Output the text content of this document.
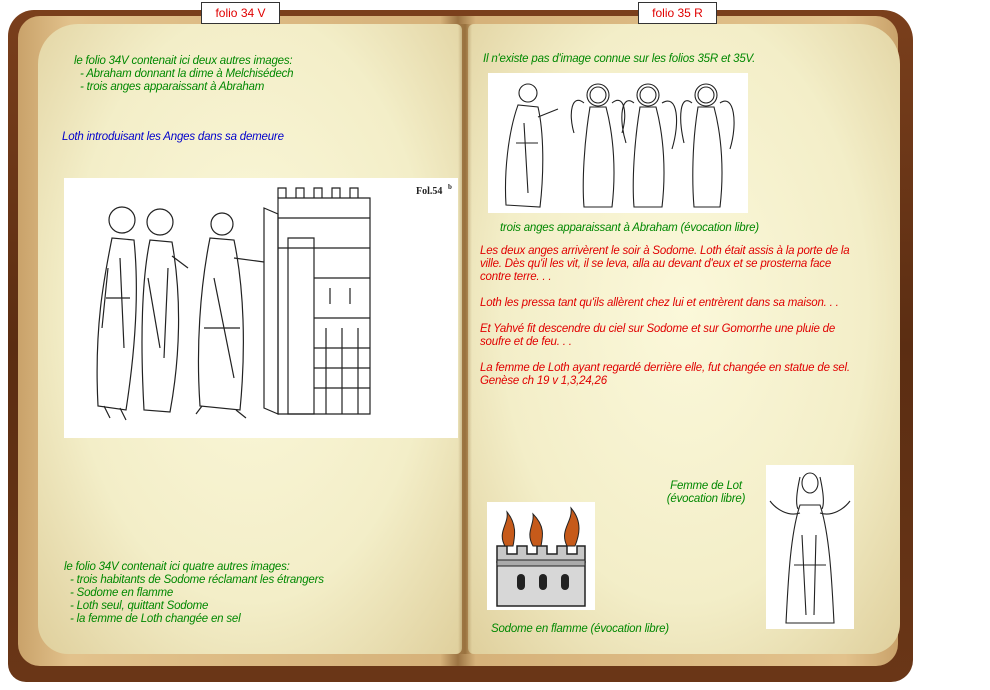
folio 34 V	folio 35 R
le folio 34V contenait ici deux autres images:
- Abraham donnant la dime à Melchisédech
- trois anges apparaissant à Abraham
Loth introduisant les Anges dans sa demeure
Fol.54 b
le folio 34V contenait ici quatre autres images:
- trois habitants de Sodome réclamant les étrangers
- Sodome en flamme
- Loth seul, quittant Sodome
- la femme de Loth changée en sel
Il n'existe pas d'image connue sur les folios 35R et 35V.
trois anges apparaissant à Abraham (évocation libre)
Les deux anges arrivèrent le soir à Sodome. Loth était assis à la porte de la
ville. Dès qu'il les vit, il se leva, alla au devant d'eux et se prosterna face
contre terre. . .
Loth les pressa tant qu'ils allèrent chez lui et entrèrent dans sa maison. . .
Et Yahvé fit descendre du ciel sur Sodome et sur Gomorrhe une pluie de
soufre et de feu. . .
La femme de Loth ayant regardé derrière elle, fut changée en statue de sel.
Genèse ch 19 v 1,3,24,26
Femme de Lot
(évocation libre)
Sodome en flamme (évocation libre)
